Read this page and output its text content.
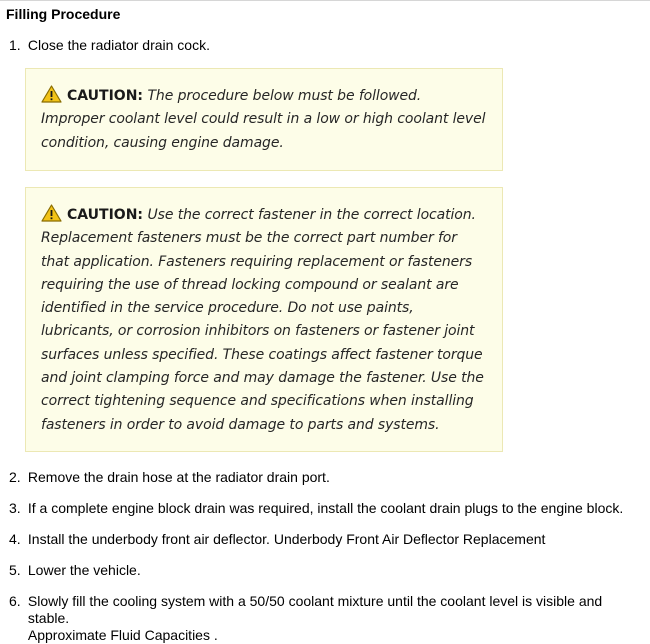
Filling Procedure
1. Close the radiator drain cock.
CAUTION: The procedure below must be followed. Improper coolant level could result in a low or high coolant level condition, causing engine damage.
CAUTION: Use the correct fastener in the correct location. Replacement fasteners must be the correct part number for that application. Fasteners requiring replacement or fasteners requiring the use of thread locking compound or sealant are identified in the service procedure. Do not use paints, lubricants, or corrosion inhibitors on fasteners or fastener joint surfaces unless specified. These coatings affect fastener torque and joint clamping force and may damage the fastener. Use the correct tightening sequence and specifications when installing fasteners in order to avoid damage to parts and systems.
2. Remove the drain hose at the radiator drain port.
3. If a complete engine block drain was required, install the coolant drain plugs to the engine block.
4. Install the underbody front air deflector. Underbody Front Air Deflector Replacement
5. Lower the vehicle.
6. Slowly fill the cooling system with a 50/50 coolant mixture until the coolant level is visible and stable.
Approximate Fluid Capacities .
